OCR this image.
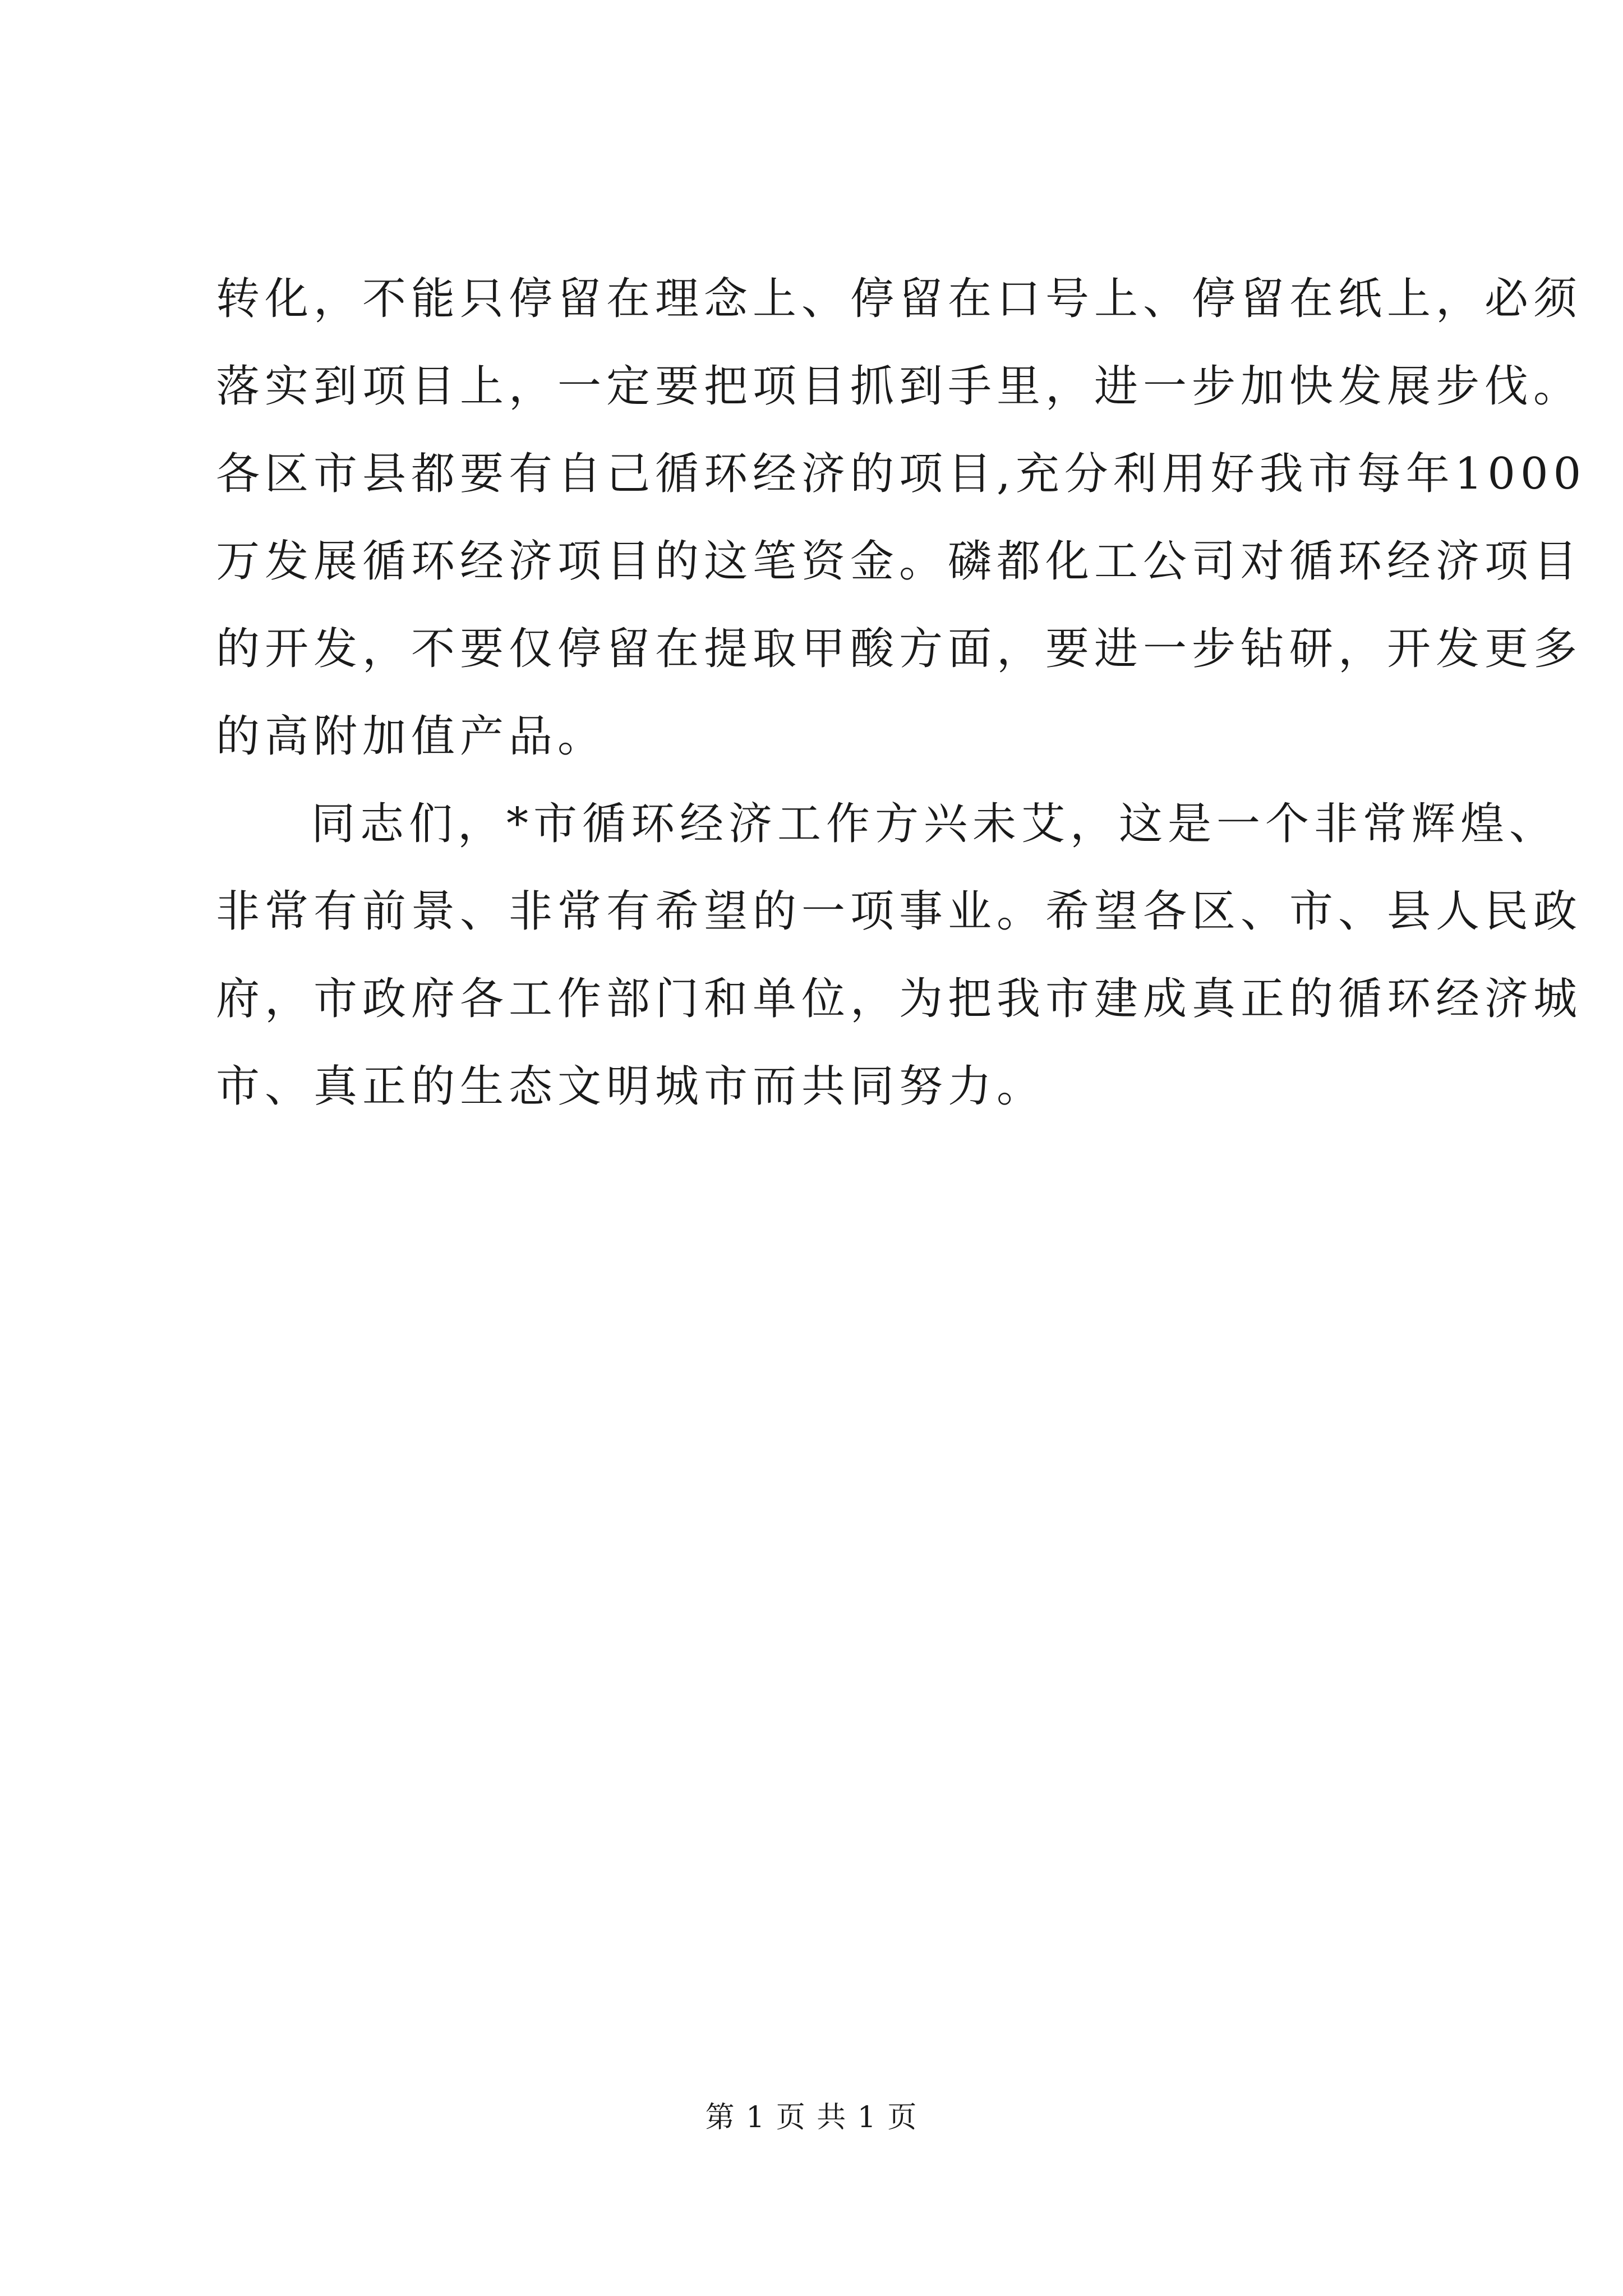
转化，不能只停留在理念上、停留在口号上、停留在纸上，必须
落实到项目上，一定要把项目抓到手里，进一步加快发展步伐。
各区市县都要有自己循环经济的项目,充分利用好我市每年1000
万发展循环经济项目的这笔资金。磷都化工公司对循环经济项目
的开发，不要仅停留在提取甲酸方面，要进一步钻研，开发更多
的高附加值产品。
同志们，*市循环经济工作方兴未艾，这是一个非常辉煌、
非常有前景、非常有希望的一项事业。希望各区、市、县人民政
府，市政府各工作部门和单位，为把我市建成真正的循环经济城
市、真正的生态文明城市而共同努力。
第 1 页 共 1 页
